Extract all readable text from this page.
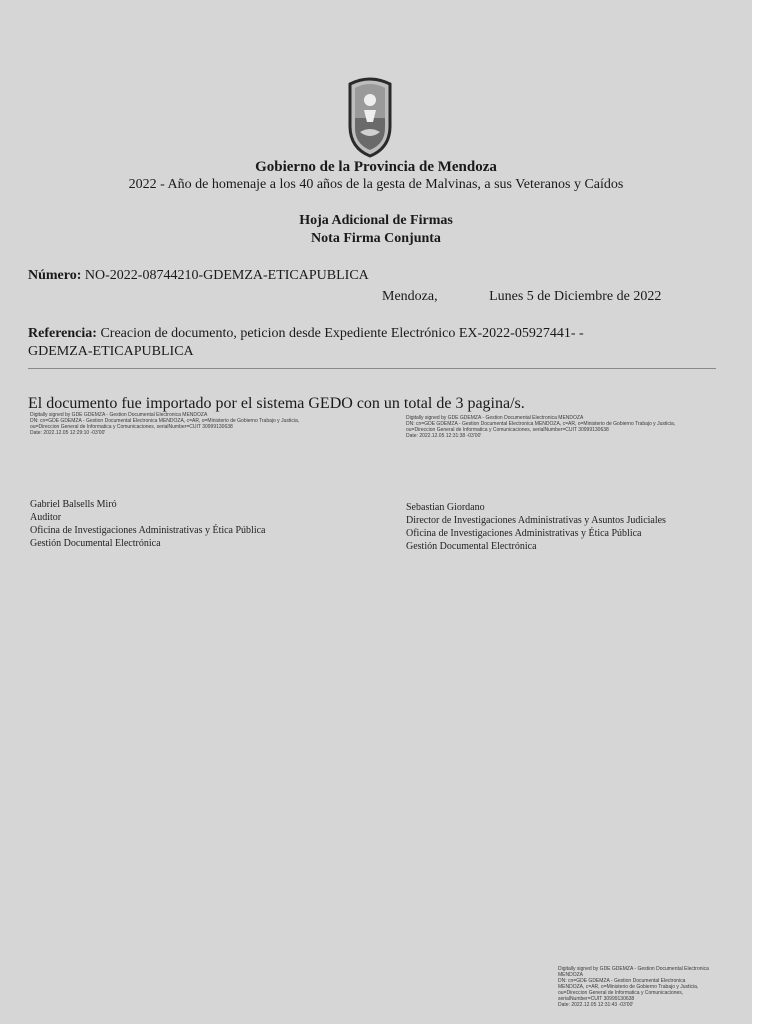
Gobierno de la Provincia de Mendoza
2022 - Año de homenaje a los 40 años de la gesta de Malvinas, a sus Veteranos y Caídos
Hoja Adicional de Firmas
Nota Firma Conjunta
Número: NO-2022-08744210-GDEMZA-ETICAPUBLICA
Mendoza,	Lunes 5 de Diciembre de 2022
Referencia: Creacion de documento, peticion desde Expediente Electrónico EX-2022-05927441- -
GDEMZA-ETICAPUBLICA
El documento fue importado por el sistema GEDO con un total de 3 pagina/s.
Digitally signed by GDE GDEMZA - Gestion Documental Electronica MENDOZA
DN: cn=GDE GDEMZA - Gestion Documental Electronica MENDOZA, c=AR, o=Ministerio de Gobierno Trabajo y Justicia,
ou=Direccion General de Informatica y Comunicaciones, serialNumber=CUIT 30999130638
Date: 2022.12.05 12:29:10 -03'00'
Digitally signed by GDE GDEMZA - Gestion Documental Electronica MENDOZA
DN: cn=GDE GDEMZA - Gestion Documental Electronica MENDOZA, c=AR, o=Ministerio de Gobierno Trabajo y Justicia,
ou=Direccion General de Informatica y Comunicaciones, serialNumber=CUIT 30999130638
Date: 2022.12.05 12:31:38 -03'00'
Gabriel Balsells Miró
Auditor
Oficina de Investigaciones Administrativas y Ética Pública
Gestión Documental Electrónica
Sebastian Giordano
Director de Investigaciones Administrativas y Asuntos Judiciales
Oficina de Investigaciones Administrativas y Ética Pública
Gestión Documental Electrónica
Digitally signed by GDE GDEMZA - Gestion Documental Electronica
MENDOZA
DN: cn=GDE GDEMZA - Gestion Documental Electronica
MENDOZA, c=AR, o=Ministerio de Gobierno Trabajo y Justicia,
ou=Direccion General de Informatica y Comunicaciones,
serialNumber=CUIT 30999130638
Date: 2022.12.05 12:31:43 -03'00'
